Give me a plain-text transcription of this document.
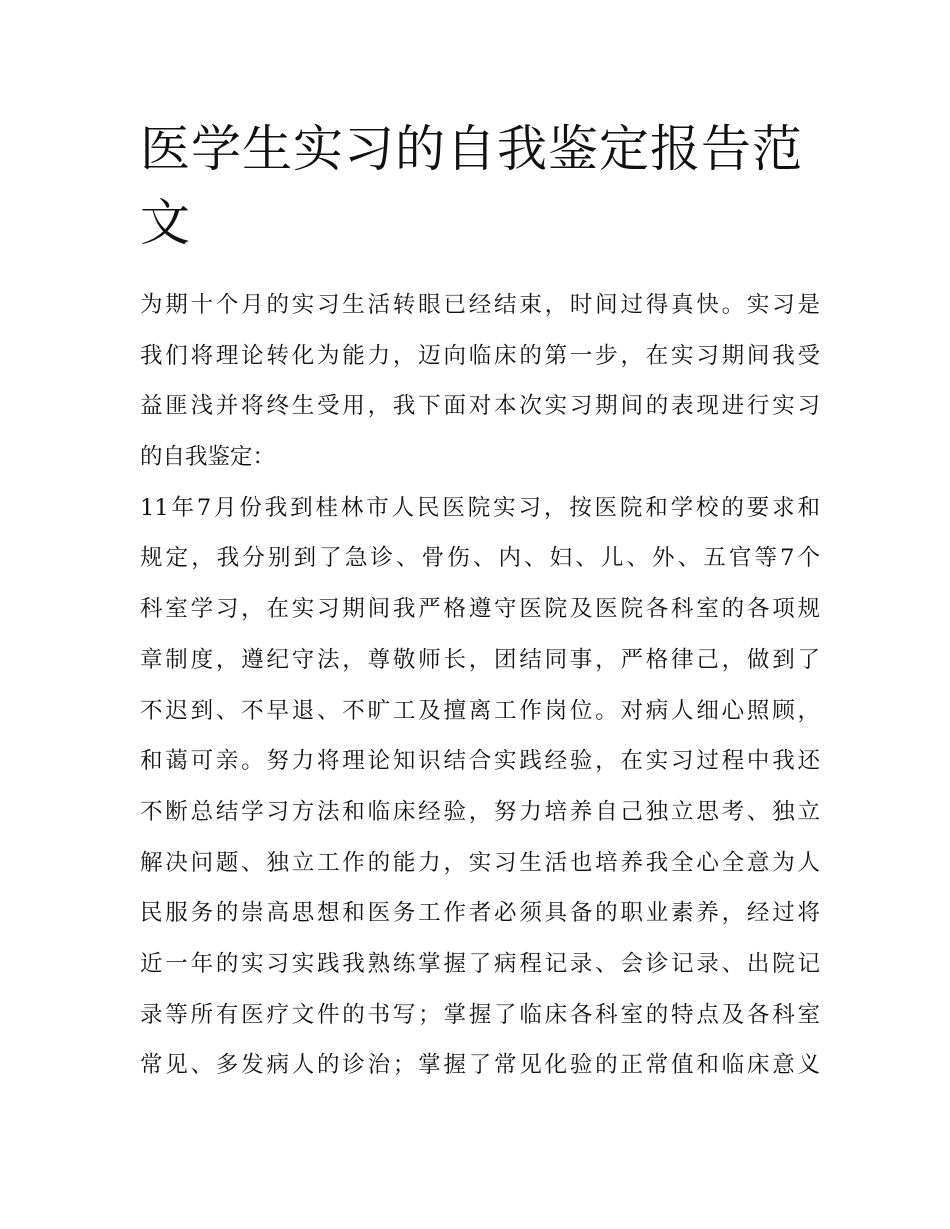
医学生实习的自我鉴定报告范文
为期十个月的实习生活转眼已经结束，时间过得真快。实习是
我们将理论转化为能力，迈向临床的第一步，在实习期间我受
益匪浅并将终生受用，我下面对本次实习期间的表现进行实习
的自我鉴定：
11年7月份我到桂林市人民医院实习，按医院和学校的要求和
规定，我分别到了急诊、骨伤、内、妇、儿、外、五官等7个
科室学习，在实习期间我严格遵守医院及医院各科室的各项规
章制度，遵纪守法，尊敬师长，团结同事，严格律己，做到了
不迟到、不早退、不旷工及擅离工作岗位。对病人细心照顾，
和蔼可亲。努力将理论知识结合实践经验，在实习过程中我还
不断总结学习方法和临床经验，努力培养自己独立思考、独立
解决问题、独立工作的能力，实习生活也培养我全心全意为人
民服务的崇高思想和医务工作者必须具备的职业素养，经过将
近一年的实习实践我熟练掌握了病程记录、会诊记录、出院记
录等所有医疗文件的书写；掌握了临床各科室的特点及各科室
常见、多发病人的诊治；掌握了常见化验的正常值和临床意义
